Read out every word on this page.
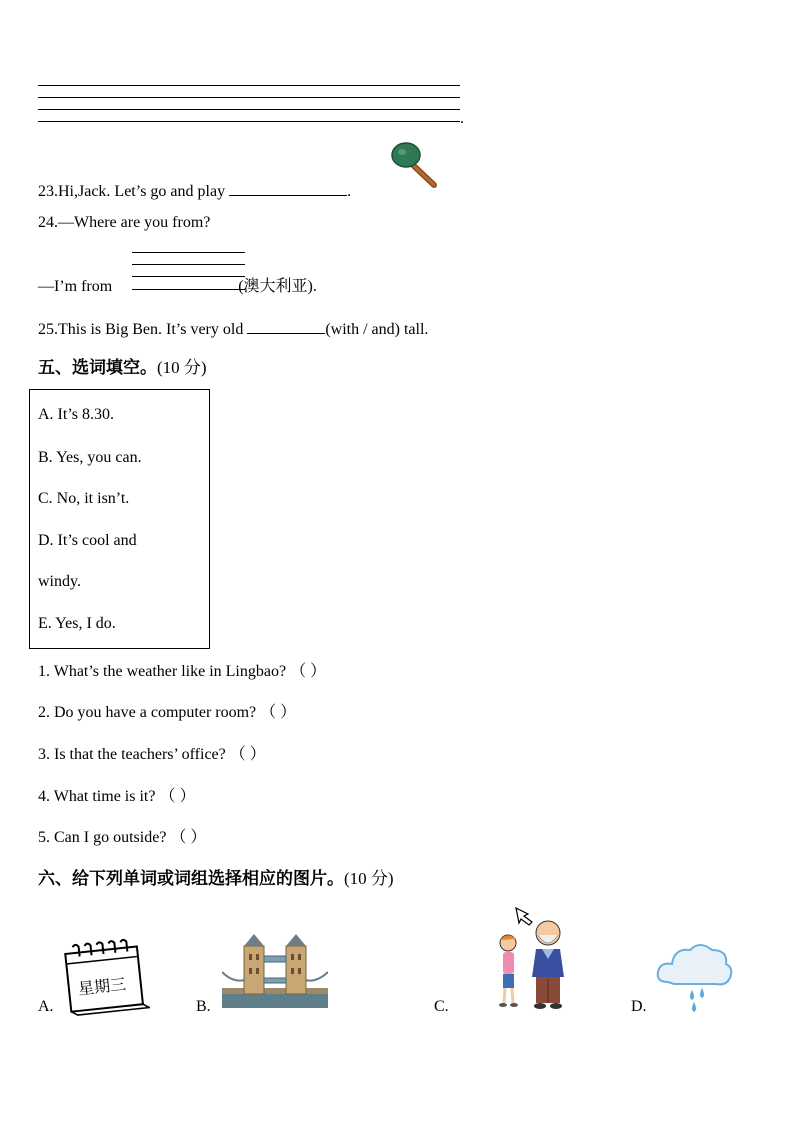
.
23.Hi,Jack. Let’s go and play	.
24.—Where are you from?
—I’m from	(澳大利亚).
25.This is Big Ben. It’s very old	(with / and) tall.
五、选词填空。(10 分)
A. It’s 8.30.
B. Yes, you can.
C. No, it isn’t.
D. It’s cool and
windy.
E. Yes, I do.
1. What’s the weather like in Lingbao? （ ）
2. Do you have a computer room? （ ）
3. Is that the teachers’ office? （ ）
4. What time is it? （ ）
5. Can I go outside? （ ）
六、给下列单词或词组选择相应的图片。(10 分)
A.
星期三
B.	C.	D.
